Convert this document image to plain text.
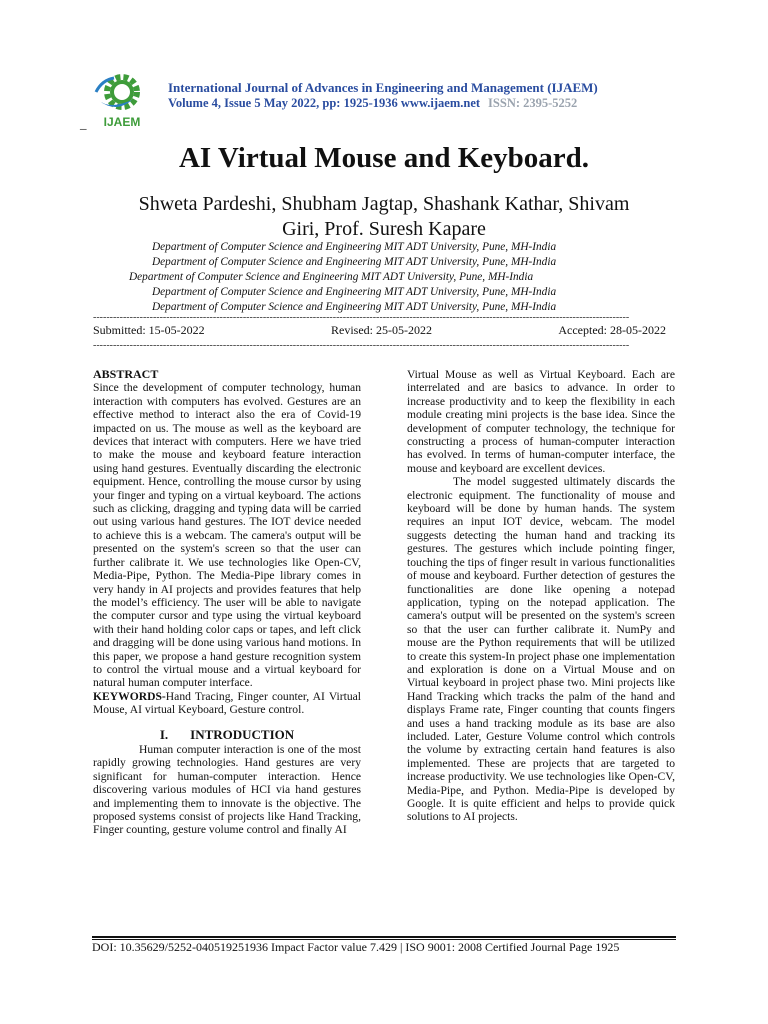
IJAEM
International Journal of Advances in Engineering and Management (IJAEM)
Volume 4, Issue 5 May 2022, pp: 1925-1936 www.ijaem.net ISSN: 2395-5252
_
AI Virtual Mouse and Keyboard.
Shweta Pardeshi, Shubham Jagtap, Shashank Kathar, Shivam
Giri, Prof. Suresh Kapare
Department of Computer Science and Engineering MIT ADT University, Pune, MH-India
Department of Computer Science and Engineering MIT ADT University, Pune, MH-India
Department of Computer Science and Engineering MIT ADT University, Pune, MH-India
Department of Computer Science and Engineering MIT ADT University, Pune, MH-India
Department of Computer Science and Engineering MIT ADT University, Pune, MH-India
-----------------------------------------------------------------------------------------------------------------------------------------------------------------
Submitted: 15-05-2022	Revised: 25-05-2022	Accepted: 28-05-2022
-----------------------------------------------------------------------------------------------------------------------------------------------------------------

ABSTRACT

Since the development of computer technology, human interaction with computers has evolved. Gestures are an effective method to interact also the era of Covid-19 impacted on us. The mouse as well as the keyboard are devices that interact with computers. Here we have tried to make the mouse and keyboard feature interaction using hand gestures. Eventually discarding the electronic equipment. Hence, controlling the mouse cursor by using your finger and typing on a virtual keyboard. The actions such as clicking, dragging and typing data will be carried out using various hand gestures. The IOT device needed to achieve this is a webcam. The camera's output will be presented on the system's screen so that the user can further calibrate it. We use technologies like Open-CV, Media-Pipe, Python. The Media-Pipe library comes in very handy in AI projects and provides features that help the model’s efficiency. The user will be able to navigate the computer cursor and type using the virtual keyboard with their hand holding color caps or tapes, and left click and dragging will be done using various hand motions. In this paper, we propose a hand gesture recognition system to control the virtual mouse and a virtual keyboard for natural human computer interface.

KEYWORDS-Hand Tracing, Finger counter, AI Virtual Mouse, AI virtual Keyboard, Gesture control.

I. INTRODUCTION

Human computer interaction is one of the most rapidly growing technologies. Hand gestures are very significant for human-computer interaction. Hence discovering various modules of HCI via hand gestures and implementing them to innovate is the objective. The proposed systems consist of projects like Hand Tracking, Finger counting, gesture volume control and finally AI

Virtual Mouse as well as Virtual Keyboard. Each are interrelated and are basics to advance. In order to increase productivity and to keep the flexibility in each module creating mini projects is the base idea. Since the development of computer technology, the technique for constructing a process of human-computer interaction has evolved. In terms of human-computer interface, the mouse and keyboard are excellent devices.

The model suggested ultimately discards the electronic equipment. The functionality of mouse and keyboard will be done by human hands. The system requires an input IOT device, webcam. The model suggests detecting the human hand and tracking its gestures. The gestures which include pointing finger, touching the tips of finger result in various functionalities of mouse and keyboard. Further detection of gestures the functionalities are done like opening a notepad application, typing on the notepad application. The camera's output will be presented on the system's screen so that the user can further calibrate it. NumPy and mouse are the Python requirements that will be utilized to create this system-In project phase one implementation and exploration is done on a Virtual Mouse and on Virtual keyboard in project phase two. Mini projects like Hand Tracking which tracks the palm of the hand and displays Frame rate, Finger counting that counts fingers and uses a hand tracking module as its base are also included. Later, Gesture Volume control which controls the volume by extracting certain hand features is also implemented. These are projects that are targeted to increase productivity. We use technologies like Open-CV, Media-Pipe, and Python. Media-Pipe is developed by Google. It is quite efficient and helps to provide quick solutions to AI projects.

DOI: 10.35629/5252-040519251936 Impact Factor value 7.429 | ISO 9001: 2008 Certified Journal Page 1925
